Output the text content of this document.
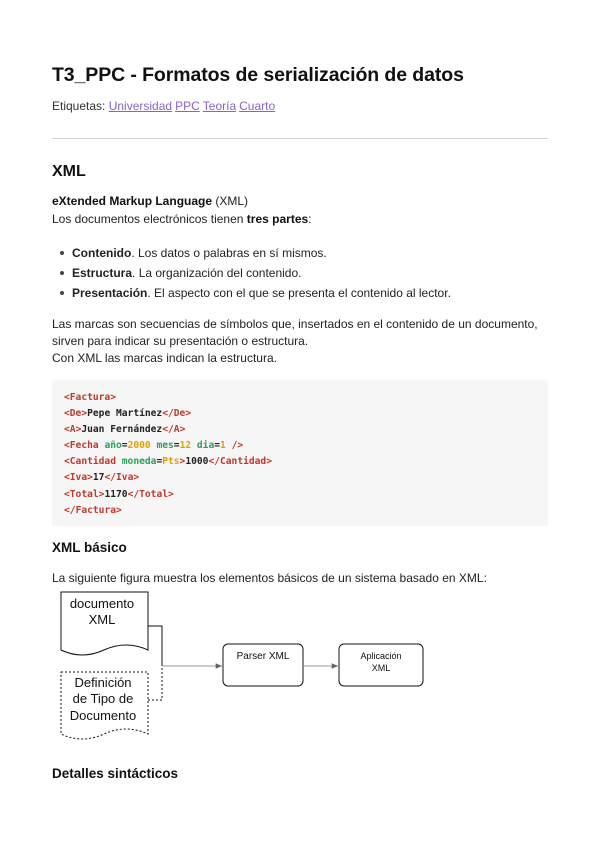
T3_PPC - Formatos de serialización de datos
Etiquetas: Universidad PPC Teoría Cuarto
XML
eXtended Markup Language (XML)
Los documentos electrónicos tienen tres partes:
Contenido. Los datos o palabras en sí mismos.
Estructura. La organización del contenido.
Presentación. El aspecto con el que se presenta el contenido al lector.
Las marcas son secuencias de símbolos que, insertados en el contenido de un documento,
sirven para indicar su presentación o estructura.
Con XML las marcas indican la estructura.
<Factura>
<De>Pepe Martínez</De>
<A>Juan Fernández</A>
<Fecha año=2000 mes=12 dia=1 />
<Cantidad moneda=Pts>1000</Cantidad>
<Iva>17</Iva>
<Total>1170</Total>
</Factura>
XML básico
La siguiente figura muestra los elementos básicos de un sistema basado en XML:
documento
XML
Definición
de Tipo de
Documento
Parser XML	Aplicación
XML
Detalles sintácticos
